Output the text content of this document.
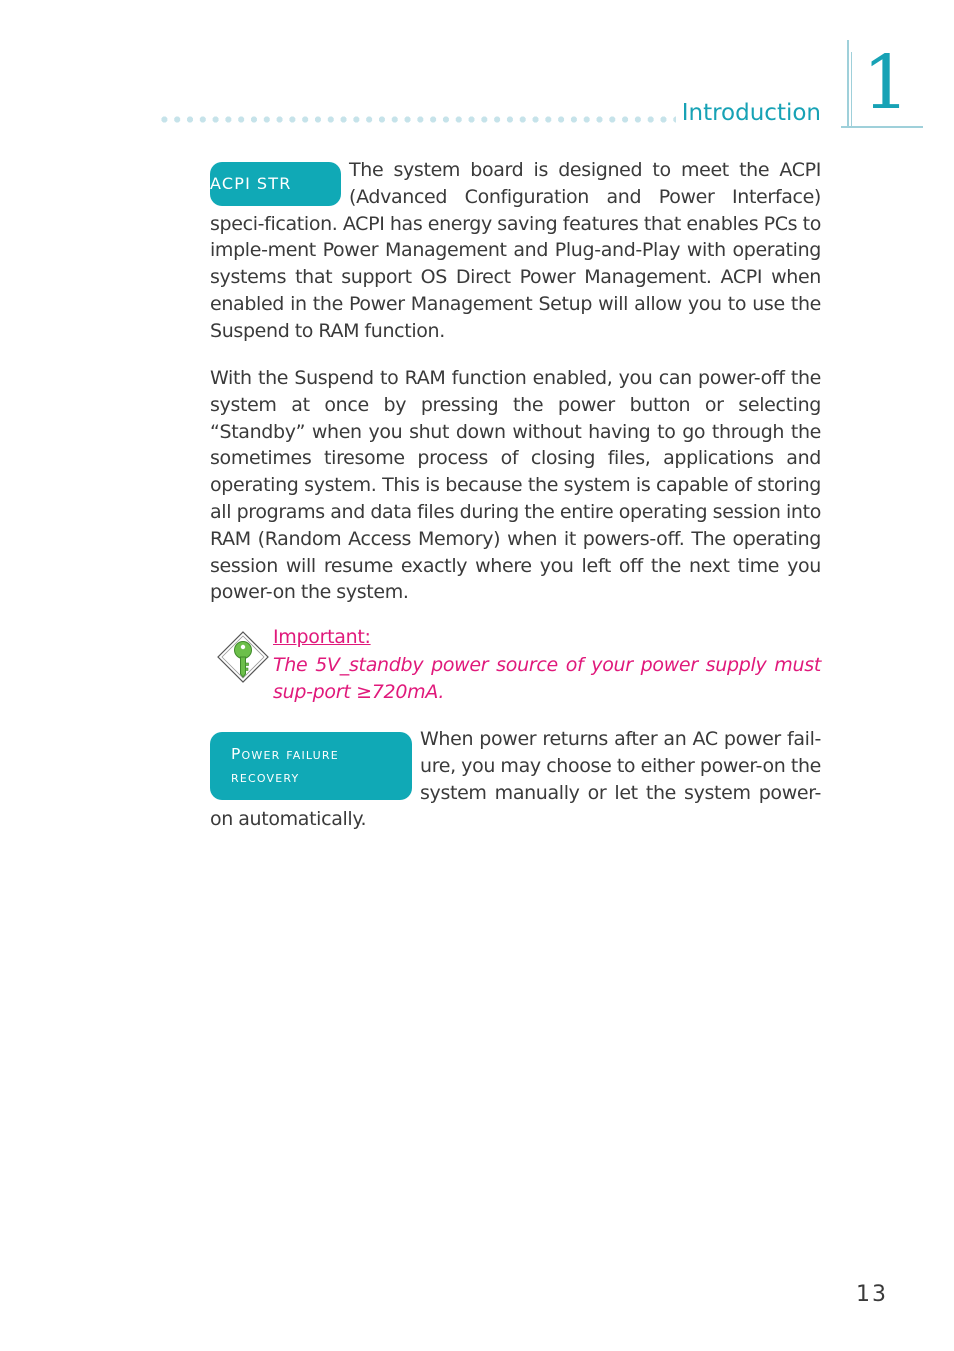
Introduction 1

ACPI STR
The system board is designed to meet the ACPI (Advanced Configuration and Power Interface) speci-fication. ACPI has energy saving features that enables PCs to imple-ment Power Management and Plug-and-Play with operating systems that support OS Direct Power Management. ACPI when enabled in the Power Management Setup will allow you to use the Suspend to RAM function.

With the Suspend to RAM function enabled, you can power-off the system at once by pressing the power button or selecting “Standby” when you shut down without having to go through the sometimes tiresome process of closing files, applications and operating system. This is because the system is capable of storing all programs and data files during the entire operating session into RAM (Random Access Memory) when it powers-off. The operating session will resume exactly where you left off the next time you power-on the system.

Important:

The 5V_standby power source of your power supply must sup-port ≥720mA.

Power failure
recovery
When power returns after an AC power fail-ure, you may choose to either power-on the system manually or let the system power-on automatically.

13
